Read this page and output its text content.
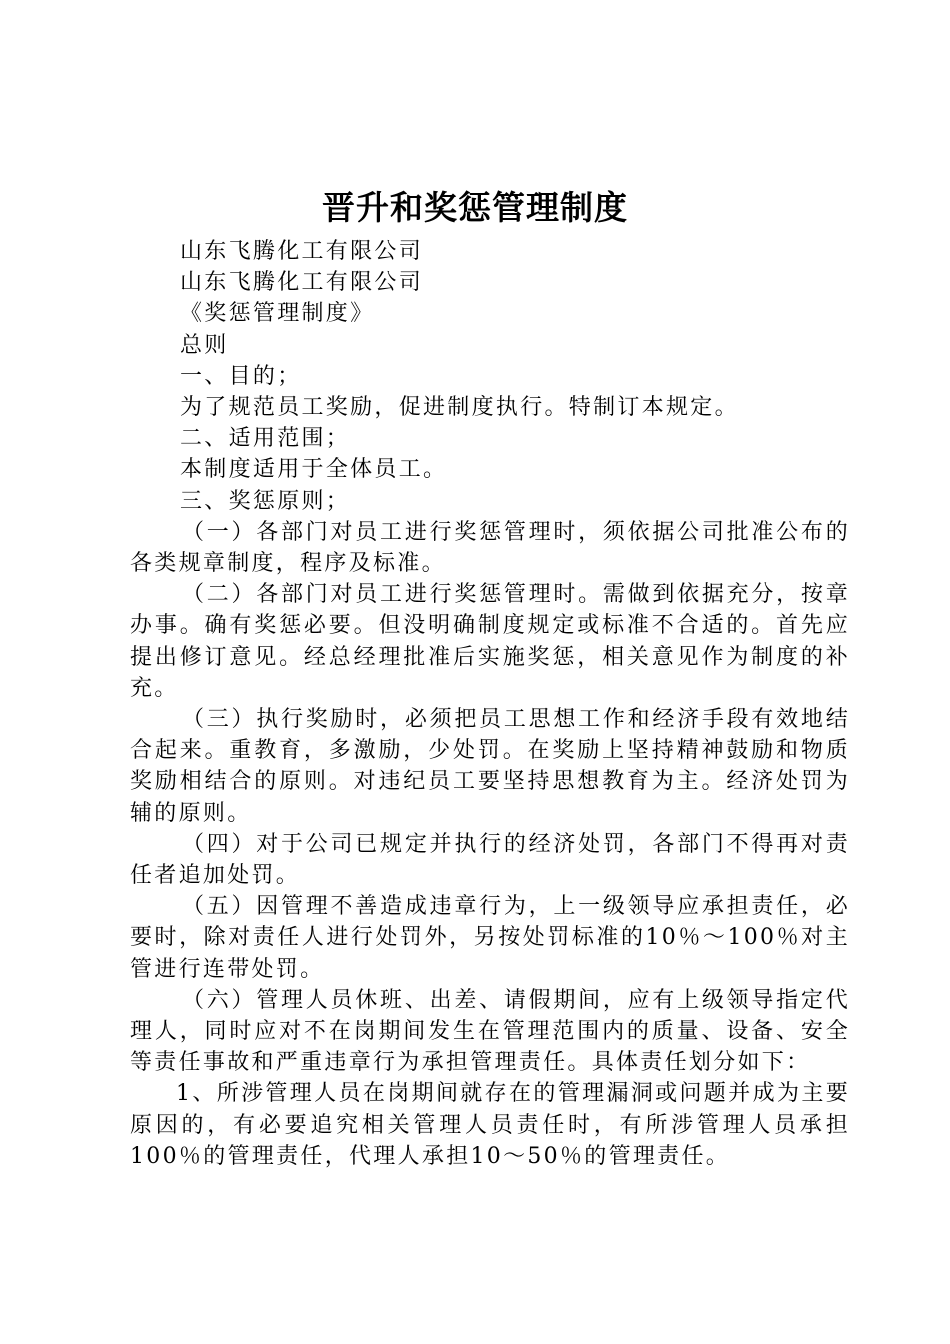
晋升和奖惩管理制度

山东飞腾化工有限公司

山东飞腾化工有限公司

《奖惩管理制度》

总则

一、目的；

为了规范员工奖励，促进制度执行。特制订本规定。

二、适用范围；

本制度适用于全体员工。

三、奖惩原则；

（一）各部门对员工进行奖惩管理时，须依据公司批准公布的各类规章制度，程序及标准。

（二）各部门对员工进行奖惩管理时。需做到依据充分，按章办事。确有奖惩必要。但没明确制度规定或标准不合适的。首先应提出修订意见。经总经理批准后实施奖惩，相关意见作为制度的补充。

（三）执行奖励时，必须把员工思想工作和经济手段有效地结合起来。重教育，多激励，少处罚。在奖励上坚持精神鼓励和物质奖励相结合的原则。对违纪员工要坚持思想教育为主。经济处罚为辅的原则。

（四）对于公司已规定并执行的经济处罚，各部门不得再对责任者追加处罚。

（五）因管理不善造成违章行为，上一级领导应承担责任，必要时，除对责任人进行处罚外，另按处罚标准的10％～100％对主管进行连带处罚。

（六）管理人员休班、出差、请假期间，应有上级领导指定代理人，同时应对不在岗期间发生在管理范围内的质量、设备、安全等责任事故和严重违章行为承担管理责任。具体责任划分如下：

1、所涉管理人员在岗期间就存在的管理漏洞或问题并成为主要原因的，有必要追究相关管理人员责任时，有所涉管理人员承担100％的管理责任，代理人承担10～50％的管理责任。
